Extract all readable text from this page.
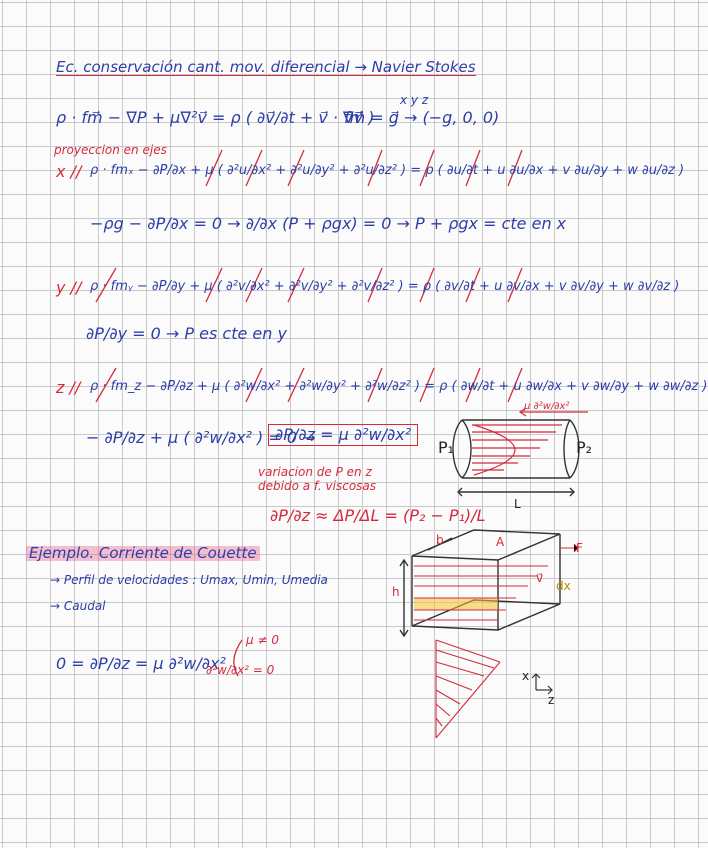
Ec. conservación cant. mov. diferencial → Navier Stokes
ρ · fm⃗ − ∇P + μ∇²v⃗ = ρ ( ∂v⃗/∂t + v⃗ · ∇v⃗ )
fm⃗ = g⃗ → (−g, 0, 0)
x y z
proyeccion en ejes
x // ρ · fmₓ − ∂P/∂x + μ ( ∂²u/∂x² + ∂²u/∂y² + ∂²u/∂z² ) = ρ ( ∂u/∂t + u ∂u/∂x + v ∂u/∂y + w ∂u/∂z )
−ρg − ∂P/∂x = 0 → ∂/∂x (P + ρgx) = 0 → P + ρgx = cte en x
y // ρ · fmᵧ − ∂P/∂y + μ ( ∂²v/∂x² + ∂²v/∂y² + ∂²v/∂z² ) = ρ ( ∂v/∂t + u ∂v/∂x + v ∂v/∂y + w ∂v/∂z )
∂P/∂y = 0 → P es cte en y
z // ρ · fm_z − ∂P/∂z + μ ( ∂²w/∂x² + ∂²w/∂y² + ∂²w/∂z² ) = ρ ( ∂w/∂t + u ∂w/∂x + v ∂w/∂y + w ∂w/∂z )
− ∂P/∂z + μ ( ∂²w/∂x² ) = 0 →
∂P/∂z = μ ∂²w/∂x²
variacion de P en z
debido a f. viscosas
∂P/∂z ≈ ΔP/ΔL = (P₂ − P₁)/L
P₁	P₂
L
μ ∂²w/∂x²
Ejemplo. Corriente de Couette
→ Perfil de velocidades : Umax, Umin, Umedia
→ Caudal
0 = ∂P/∂z = μ ∂²w/∂x²
μ ≠ 0
∂²w/∂x² = 0
b	A	F
h	dx
v⃗
x
z
